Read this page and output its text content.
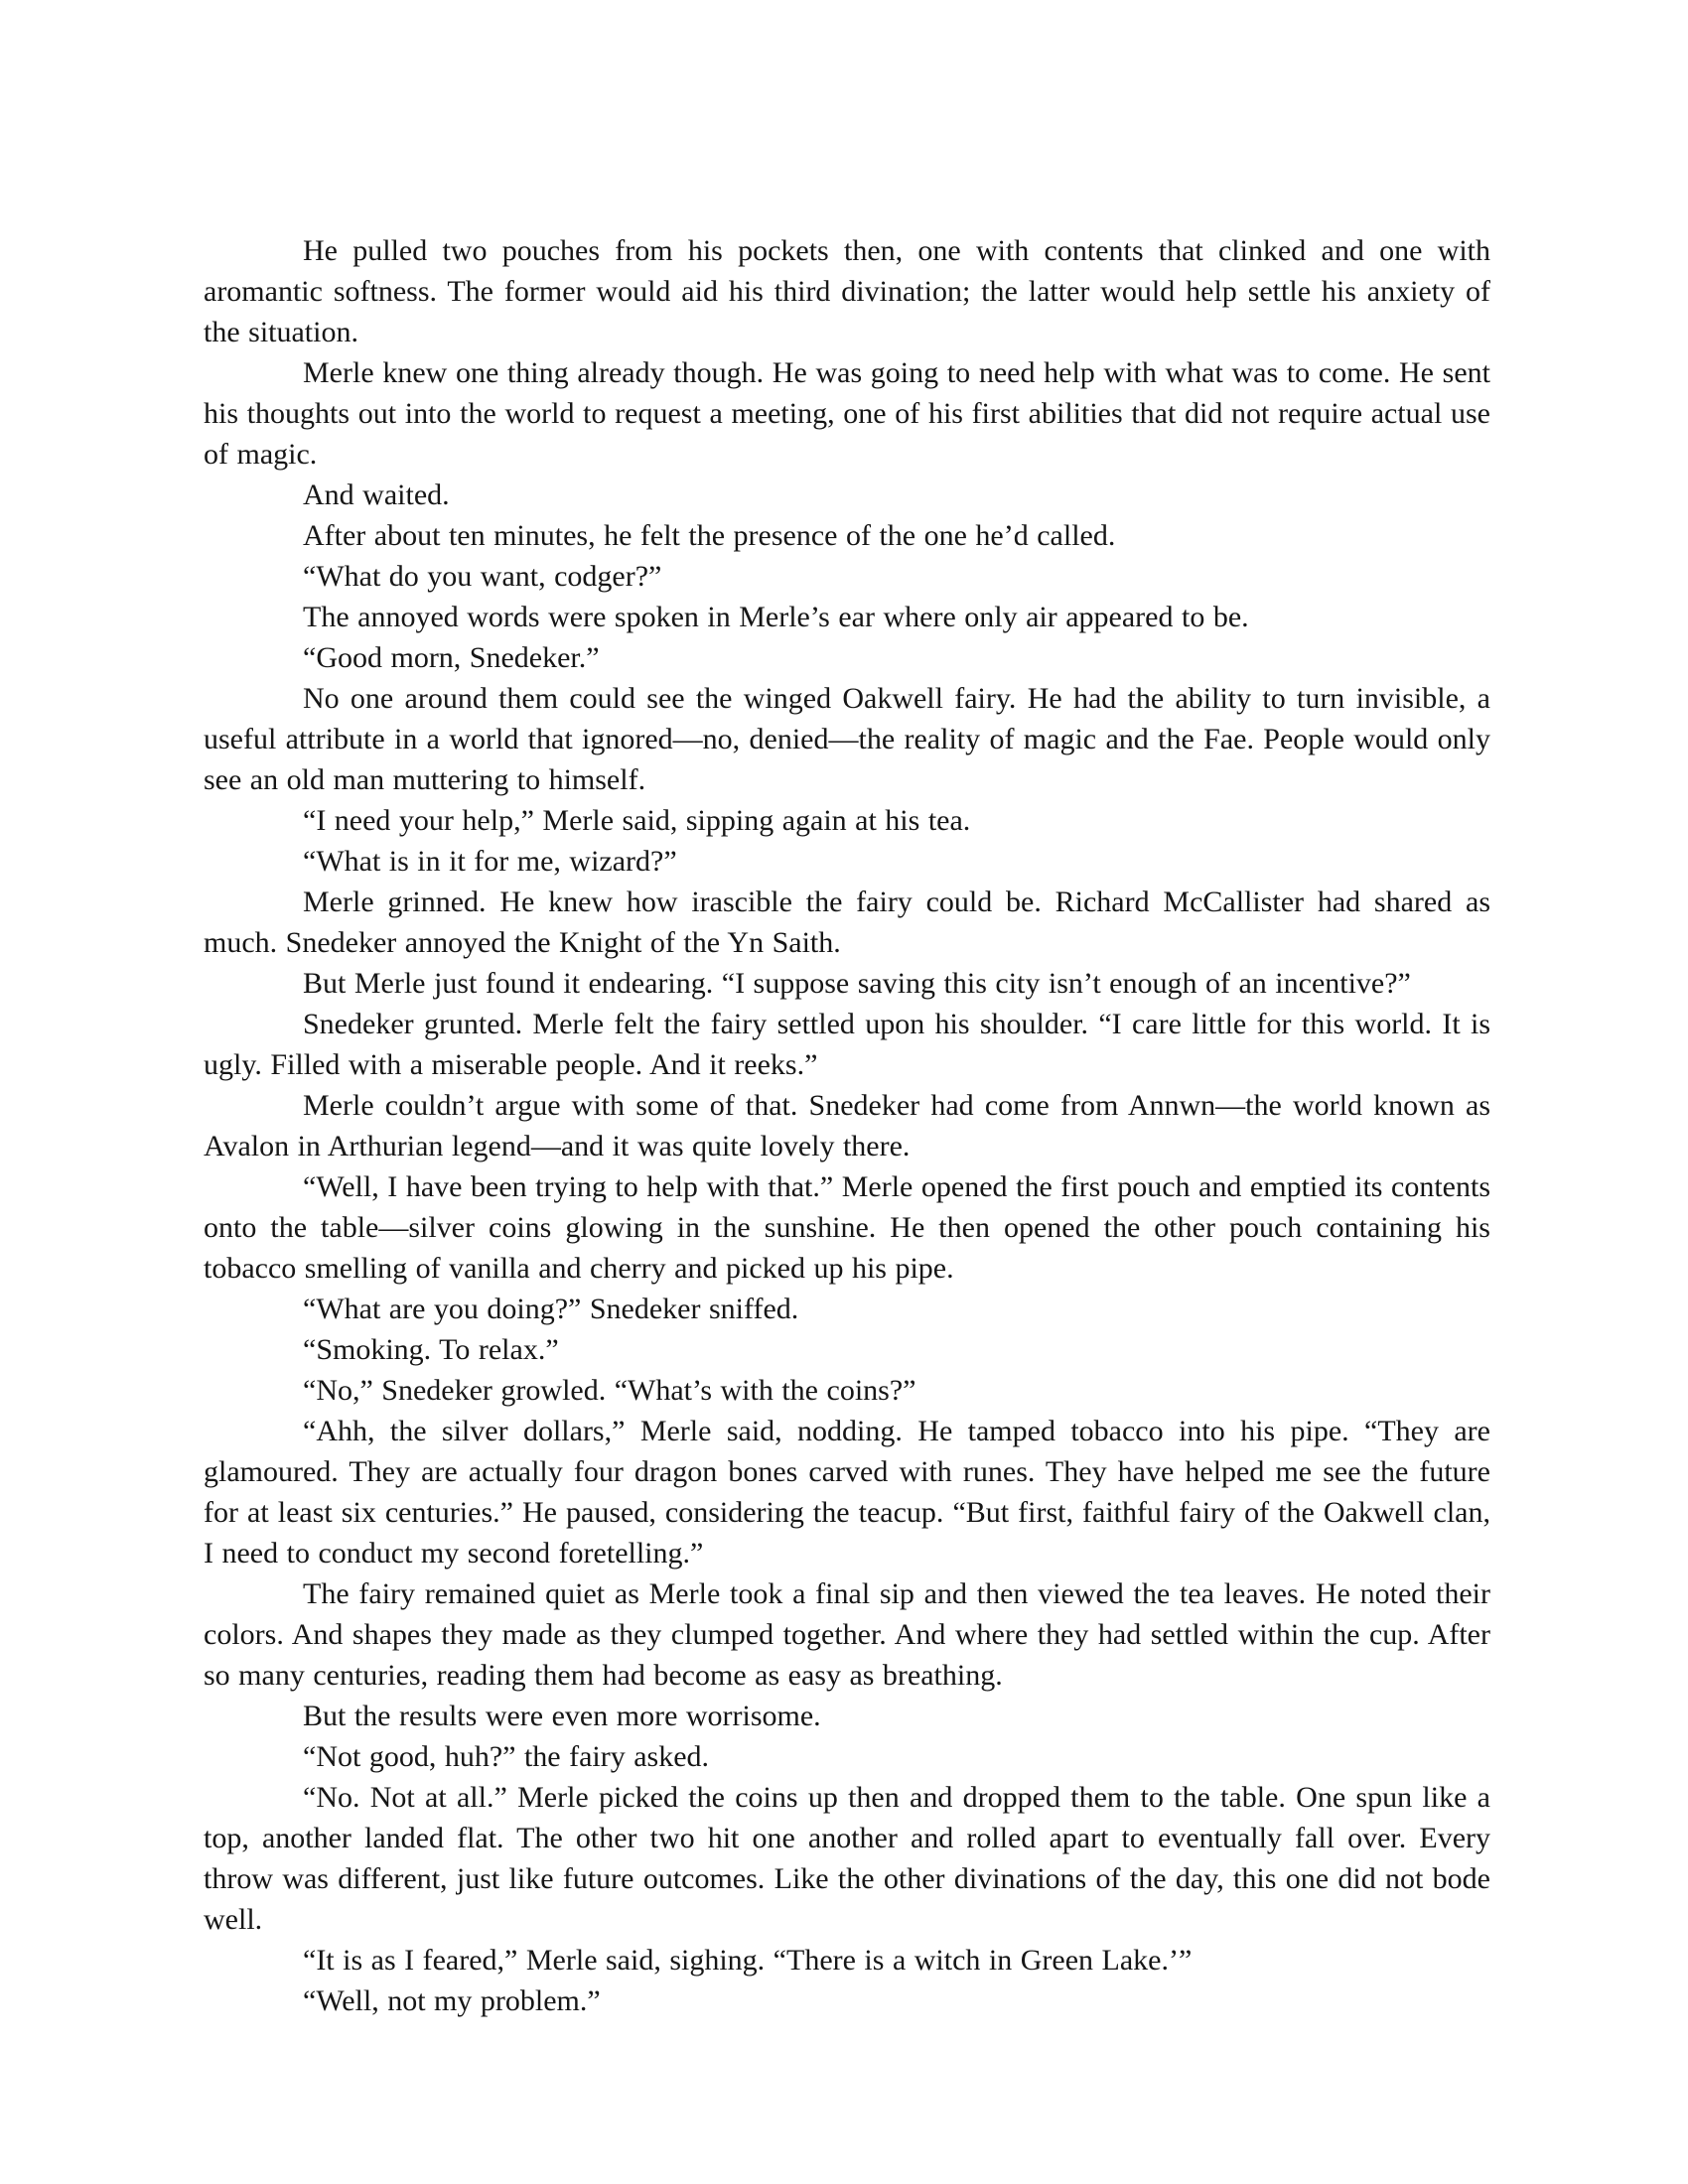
He pulled two pouches from his pockets then, one with contents that clinked and one with aromantic softness. The former would aid his third divination; the latter would help settle his anxiety of the situation.

Merle knew one thing already though. He was going to need help with what was to come. He sent his thoughts out into the world to request a meeting, one of his first abilities that did not require actual use of magic.

And waited.

After about ten minutes, he felt the presence of the one he’d called.

“What do you want, codger?”

The annoyed words were spoken in Merle’s ear where only air appeared to be.

“Good morn, Snedeker.”

No one around them could see the winged Oakwell fairy. He had the ability to turn invisible, a useful attribute in a world that ignored—no, denied—the reality of magic and the Fae. People would only see an old man muttering to himself.

“I need your help,” Merle said, sipping again at his tea.

“What is in it for me, wizard?”

Merle grinned. He knew how irascible the fairy could be. Richard McCallister had shared as much. Snedeker annoyed the Knight of the Yn Saith.

But Merle just found it endearing. “I suppose saving this city isn’t enough of an incentive?”

Snedeker grunted. Merle felt the fairy settled upon his shoulder. “I care little for this world. It is ugly. Filled with a miserable people. And it reeks.”

Merle couldn’t argue with some of that. Snedeker had come from Annwn—the world known as Avalon in Arthurian legend—and it was quite lovely there.

“Well, I have been trying to help with that.” Merle opened the first pouch and emptied its contents onto the table—silver coins glowing in the sunshine. He then opened the other pouch containing his tobacco smelling of vanilla and cherry and picked up his pipe.

“What are you doing?” Snedeker sniffed.

“Smoking. To relax.”

“No,” Snedeker growled. “What’s with the coins?”

“Ahh, the silver dollars,” Merle said, nodding. He tamped tobacco into his pipe. “They are glamoured. They are actually four dragon bones carved with runes. They have helped me see the future for at least six centuries.” He paused, considering the teacup. “But first, faithful fairy of the Oakwell clan, I need to conduct my second foretelling.”

The fairy remained quiet as Merle took a final sip and then viewed the tea leaves. He noted their colors. And shapes they made as they clumped together. And where they had settled within the cup. After so many centuries, reading them had become as easy as breathing.

But the results were even more worrisome.

“Not good, huh?” the fairy asked.

“No. Not at all.” Merle picked the coins up then and dropped them to the table. One spun like a top, another landed flat. The other two hit one another and rolled apart to eventually fall over. Every throw was different, just like future outcomes. Like the other divinations of the day, this one did not bode well.

“It is as I feared,” Merle said, sighing. “There is a witch in Green Lake.’”

“Well, not my problem.”
